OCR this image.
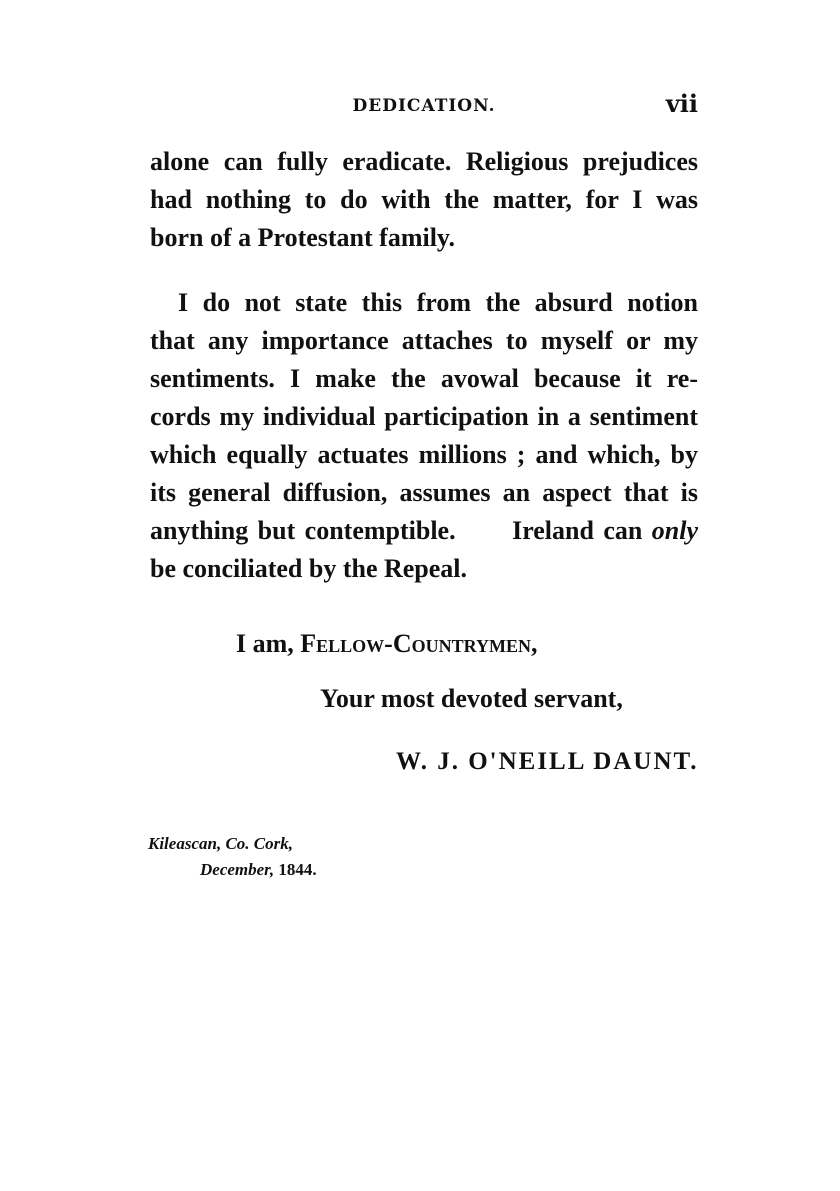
DEDICATION.	vii
alone can fully eradicate. Religious prejudices
had nothing to do with the matter, for I was
born of a Protestant family.
I do not state this from the absurd notion
that any importance attaches to myself or my
sentiments. I make the avowal because it re-
cords my individual participation in a sentiment
which equally actuates millions ; and which, by
its general diffusion, assumes an aspect that is
anything but contemptible. Ireland can only
be conciliated by the Repeal.
I am, Fellow-Countrymen,
Your most devoted servant,
W. J. O'NEILL DAUNT.
Kileascan, Co. Cork,
December, 1844.
